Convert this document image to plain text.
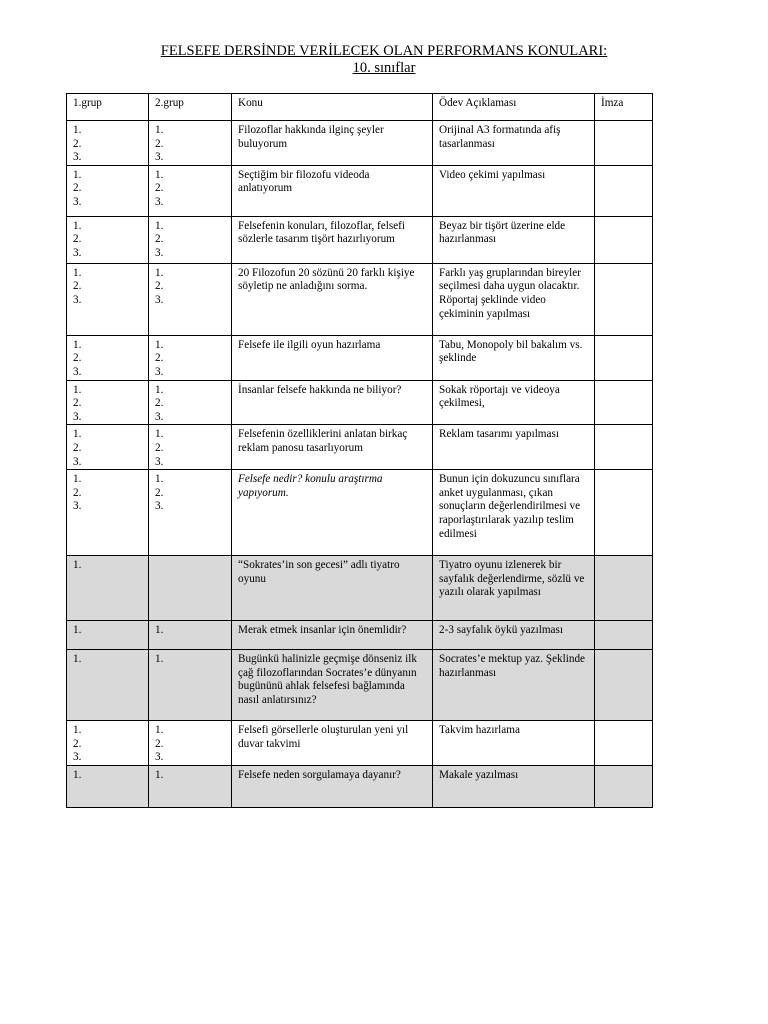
FELSEFE DERSİNDE VERİLECEK OLAN PERFORMANS KONULARI:
10. sınıflar
1.grup	2.grup	Konu	Ödev Açıklaması	İmza
1.
2.
3.	1.
2.
3.	Filozoflar hakkında ilginç şeyler buluyorum	Orijinal A3 formatında afiş tasarlanması	
1.
2.
3.	1.
2.
3.	Seçtiğim bir filozofu videoda anlatıyorum	Video çekimi yapılması	
1.
2.
3.	1.
2.
3.	Felsefenin konuları, filozoflar, felsefi sözlerle tasarım tişört hazırlıyorum	Beyaz bir tişört üzerine elde hazırlanması	
1.
2.
3.	1.
2.
3.	20 Filozofun 20 sözünü 20 farklı kişiye söyletip ne anladığını sorma.	Farklı yaş gruplarından bireyler seçilmesi daha uygun olacaktır. Röportaj şeklinde video çekiminin yapılması	
1.
2.
3.	1.
2.
3.	Felsefe ile ilgili oyun hazırlama	Tabu, Monopoly bil bakalım vs. şeklinde	
1.
2.
3.	1.
2.
3.	İnsanlar felsefe hakkında ne biliyor?	Sokak röportajı ve videoya çekilmesi,	
1.
2.
3.	1.
2.
3.	Felsefenin özelliklerini anlatan birkaç reklam panosu tasarlıyorum	Reklam tasarımı yapılması	
1.
2.
3.	1.
2.
3.	Felsefe nedir? konulu araştırma yapıyorum.	Bunun için dokuzuncu sınıflara anket uygulanması, çıkan sonuçların değerlendirilmesi ve raporlaştırılarak yazılıp teslim edilmesi	
1.		“Sokrates’in son gecesi” adlı tiyatro oyunu	Tiyatro oyunu izlenerek bir sayfalık değerlendirme, sözlü ve yazılı olarak yapılması	
1.	1.	Merak etmek insanlar için önemlidir?	2-3 sayfalık öykü yazılması	
1.	1.	Bugünkü halinizle geçmişe dönseniz ilk çağ filozoflarından Socrates’e dünyanın bugününü ahlak felsefesi bağlamında nasıl anlatırsınız?	Socrates’e mektup yaz. Şeklinde hazırlanması	
1.
2.
3.	1.
2.
3.	Felsefi görsellerle oluşturulan yeni yıl duvar takvimi	Takvim hazırlama	
1.	1.	Felsefe neden sorgulamaya dayanır?	Makale yazılması	
